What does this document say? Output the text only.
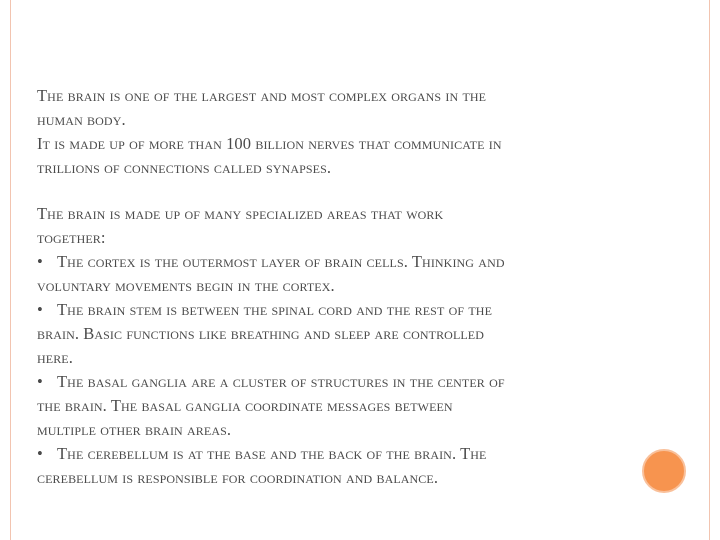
The brain is one of the largest and most complex organs in the
human body.
It is made up of more than 100 billion nerves that communicate in
trillions of connections called synapses.
The brain is made up of many specialized areas that work
together:
• The cortex is the outermost layer of brain cells. Thinking and
voluntary movements begin in the cortex.
• The brain stem is between the spinal cord and the rest of the
brain. Basic functions like breathing and sleep are controlled
here.
• The basal ganglia are a cluster of structures in the center of
the brain. The basal ganglia coordinate messages between
multiple other brain areas.
• The cerebellum is at the base and the back of the brain. The
cerebellum is responsible for coordination and balance.
